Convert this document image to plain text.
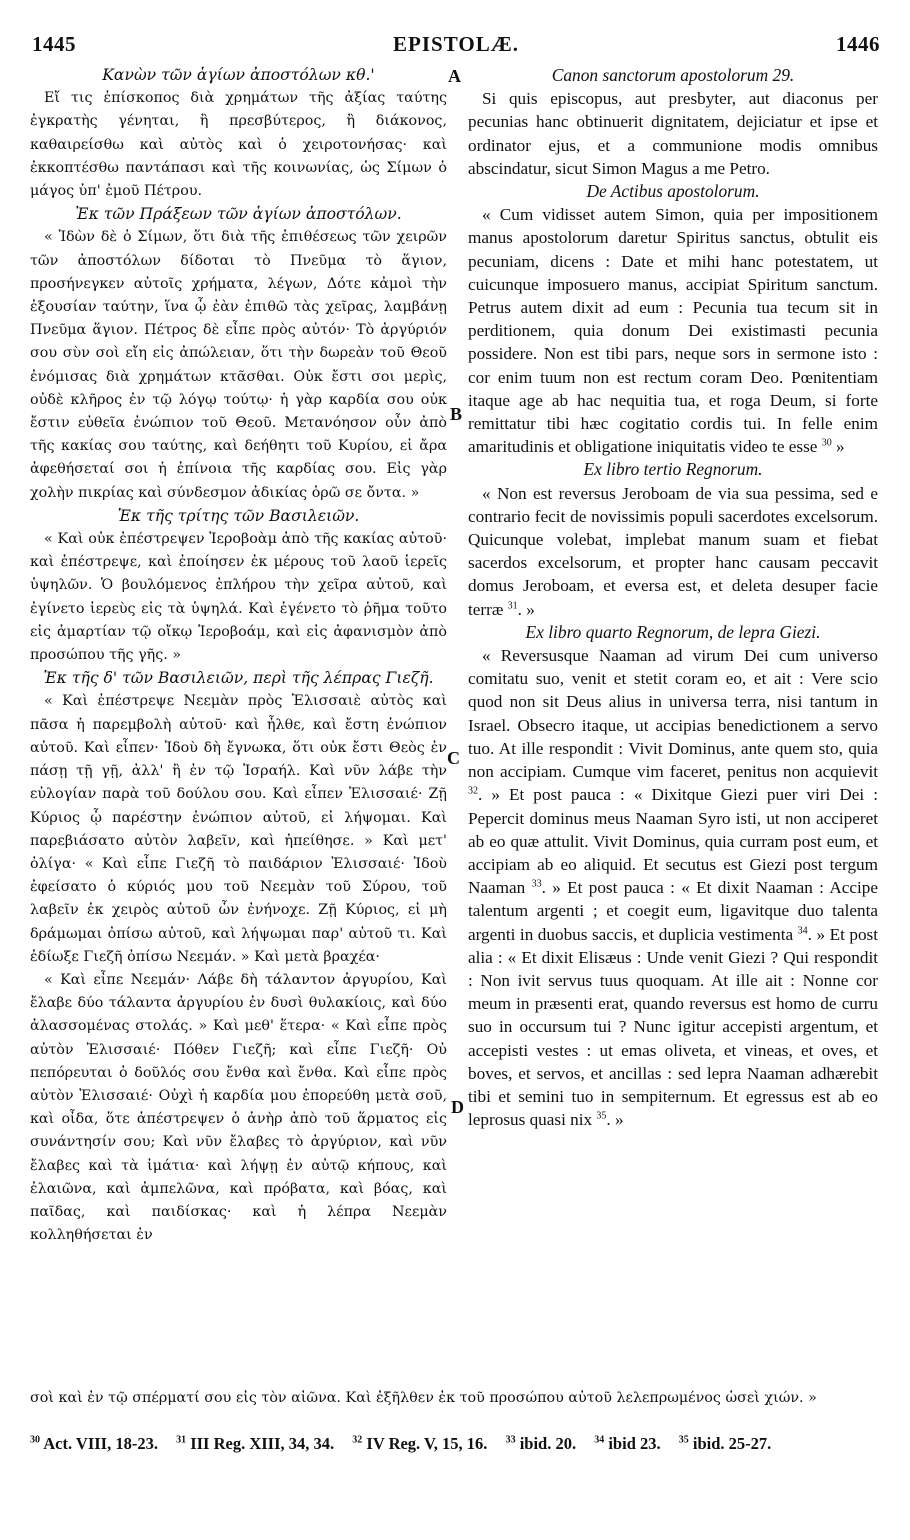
1445	EPISTOLÆ.	1446
A
B
C
D
Κανὼν τῶν ἁγίων ἀποστόλων κθ.'

Εἴ τις ἐπίσκοπος διὰ χρημάτων τῆς ἀξίας ταύτης ἐγκρατὴς γένηται, ἢ πρεσβύτερος, ἢ διάκονος, καθαιρείσθω καὶ αὐτὸς καὶ ὁ χειροτονήσας· καὶ ἐκκοπτέσθω παντάπασι καὶ τῆς κοινωνίας, ὡς Σίμων ὁ μάγος ὑπ' ἐμοῦ Πέτρου.

Ἐκ τῶν Πράξεων τῶν ἁγίων ἀποστόλων.

« Ἰδὼν δὲ ὁ Σίμων, ὅτι διὰ τῆς ἐπιθέσεως τῶν χειρῶν τῶν ἀποστόλων δίδοται τὸ Πνεῦμα τὸ ἅγιον, προσήνεγκεν αὐτοῖς χρήματα, λέγων, Δότε κἀμοὶ τὴν ἐξουσίαν ταύτην, ἵνα ᾧ ἐὰν ἐπιθῶ τὰς χεῖρας, λαμβάνῃ Πνεῦμα ἅγιον. Πέτρος δὲ εἶπε πρὸς αὐτόν· Τὸ ἀργύριόν σου σὺν σοὶ εἴη εἰς ἀπώλειαν, ὅτι τὴν δωρεὰν τοῦ Θεοῦ ἐνόμισας διὰ χρημάτων κτᾶσθαι. Οὐκ ἔστι σοι μερὶς, οὐδὲ κλῆρος ἐν τῷ λόγῳ τούτῳ· ἡ γὰρ καρδία σου οὐκ ἔστιν εὐθεῖα ἐνώπιον τοῦ Θεοῦ. Μετανόησον οὖν ἀπὸ τῆς κακίας σου ταύτης, καὶ δεήθητι τοῦ Κυρίου, εἰ ἄρα ἀφεθήσεταί σοι ἡ ἐπίνοια τῆς καρδίας σου. Εἰς γὰρ χολὴν πικρίας καὶ σύνδεσμον ἀδικίας ὁρῶ σε ὄντα. »

Ἐκ τῆς τρίτης τῶν Βασιλειῶν.

« Καὶ οὐκ ἐπέστρεψεν Ἱεροβοὰμ ἀπὸ τῆς κακίας αὐτοῦ· καὶ ἐπέστρεψε, καὶ ἐποίησεν ἐκ μέρους τοῦ λαοῦ ἱερεῖς ὑψηλῶν. Ὁ βουλόμενος ἐπλήρου τὴν χεῖρα αὐτοῦ, καὶ ἐγίνετο ἱερεὺς εἰς τὰ ὑψηλά. Καὶ ἐγένετο τὸ ῥῆμα τοῦτο εἰς ἁμαρτίαν τῷ οἴκῳ Ἱεροβοάμ, καὶ εἰς ἀφανισμὸν ἀπὸ προσώπου τῆς γῆς. »

Ἐκ τῆς δ' τῶν Βασιλειῶν, περὶ τῆς λέπρας Γιεζῆ.

« Καὶ ἐπέστρεψε Νεεμὰν πρὸς Ἐλισσαιὲ αὐτὸς καὶ πᾶσα ἡ παρεμβολὴ αὐτοῦ· καὶ ἦλθε, καὶ ἔστη ἐνώπιον αὐτοῦ. Καὶ εἶπεν· Ἰδοὺ δὴ ἔγνωκα, ὅτι οὐκ ἔστι Θεὸς ἐν πάσῃ τῇ γῇ, ἀλλ' ἢ ἐν τῷ Ἰσραήλ. Καὶ νῦν λάβε τὴν εὐλογίαν παρὰ τοῦ δούλου σου. Καὶ εἶπεν Ἐλισσαιέ· Ζῇ Κύριος ᾧ παρέστην ἐνώπιον αὐτοῦ, εἰ λήψομαι. Καὶ παρεβιάσατο αὐτὸν λαβεῖν, καὶ ἠπείθησε. » Καὶ μετ' ὀλίγα· « Καὶ εἶπε Γιεζῆ τὸ παιδάριον Ἐλισσαιέ· Ἰδοὺ ἐφείσατο ὁ κύριός μου τοῦ Νεεμὰν τοῦ Σύρου, τοῦ λαβεῖν ἐκ χειρὸς αὐτοῦ ὧν ἐνήνοχε. Ζῇ Κύριος, εἰ μὴ δράμωμαι ὀπίσω αὐτοῦ, καὶ λήψωμαι παρ' αὐτοῦ τι. Καὶ ἐδίωξε Γιεζῆ ὀπίσω Νεεμάν. » Καὶ μετὰ βραχέα·

« Καὶ εἶπε Νεεμάν· Λάβε δὴ τάλαντον ἀργυρίου, Καὶ ἔλαβε δύο τάλαντα ἀργυρίου ἐν δυσὶ θυλακίοις, καὶ δύο ἀλασσομένας στολάς. » Καὶ μεθ' ἕτερα· « Καὶ εἶπε πρὸς αὐτὸν Ἐλισσαιέ· Πόθεν Γιεζῆ; καὶ εἶπε Γιεζῆ· Οὐ πεπόρευται ὁ δοῦλός σου ἔνθα καὶ ἔνθα. Καὶ εἶπε πρὸς αὐτὸν Ἐλισσαιέ· Οὐχὶ ἡ καρδία μου ἐπορεύθη μετὰ σοῦ, καὶ οἶδα, ὅτε ἀπέστρεψεν ὁ ἀνὴρ ἀπὸ τοῦ ἅρματος εἰς συνάντησίν σου; Καὶ νῦν ἔλαβες τὸ ἀργύριον, καὶ νῦν ἔλαβες καὶ τὰ ἱμάτια· καὶ λήψῃ ἐν αὐτῷ κήπους, καὶ ἐλαιῶνα, καὶ ἀμπελῶνα, καὶ πρόβατα, καὶ βόας, καὶ παῖδας, καὶ παιδίσκας· καὶ ἡ λέπρα Νεεμὰν κολληθήσεται ἐν

Canon sanctorum apostolorum 29.

Si quis episcopus, aut presbyter, aut diaconus per pecunias hanc obtinuerit dignitatem, dejiciatur et ipse et ordinator ejus, et a communione modis omnibus abscindatur, sicut Simon Magus a me Petro.

De Actibus apostolorum.

« Cum vidisset autem Simon, quia per impositionem manus apostolorum daretur Spiritus sanctus, obtulit eis pecuniam, dicens : Date et mihi hanc potestatem, ut cuicunque imposuero manus, accipiat Spiritum sanctum. Petrus autem dixit ad eum : Pecunia tua tecum sit in perditionem, quia donum Dei existimasti pecunia possidere. Non est tibi pars, neque sors in sermone isto : cor enim tuum non est rectum coram Deo. Pœnitentiam itaque age ab hac nequitia tua, et roga Deum, si forte remittatur tibi hæc cogitatio cordis tui. In felle enim amaritudinis et obligatione iniquitatis video te esse $^{30}$ »

Ex libro tertio Regnorum.

« Non est reversus Jeroboam de via sua pessima, sed e contrario fecit de novissimis populi sacerdotes excelsorum. Quicunque volebat, implebat manum suam et fiebat sacerdos excelsorum, et propter hanc causam peccavit domus Jeroboam, et eversa est, et deleta desuper facie terræ $^{31}$. »

Ex libro quarto Regnorum, de lepra Giezi.

« Reversusque Naaman ad virum Dei cum universo comitatu suo, venit et stetit coram eo, et ait : Vere scio quod non sit Deus alius in universa terra, nisi tantum in Israel. Obsecro itaque, ut accipias benedictionem a servo tuo. At ille respondit : Vivit Dominus, ante quem sto, quia non accipiam. Cumque vim faceret, penitus non acquievit $^{32}$. » Et post pauca : « Dixitque Giezi puer viri Dei : Pepercit dominus meus Naaman Syro isti, ut non acciperet ab eo quæ attulit. Vivit Dominus, quia curram post eum, et accipiam ab eo aliquid. Et secutus est Giezi post tergum Naaman $^{33}$. » Et post pauca : « Et dixit Naaman : Accipe talentum argenti ; et coegit eum, ligavitque duo talenta argenti in duobus saccis, et duplicia vestimenta $^{34}$. » Et post alia : « Et dixit Elisæus : Unde venit Giezi ? Qui respondit : Non ivit servus tuus quoquam. At ille ait : Nonne cor meum in præsenti erat, quando reversus est homo de curru suo in occursum tui ? Nunc igitur accepisti argentum, et accepisti vestes : ut emas oliveta, et vineas, et oves, et boves, et servos, et ancillas : sed lepra Naaman adhærebit tibi et semini tuo in sempiternum. Et egressus est ab eo leprosus quasi nix $^{35}$. »

σοὶ καὶ ἐν τῷ σπέρματί σου εἰς τὸν αἰῶνα. Καὶ ἐξῆλθεν ἐκ τοῦ προσώπου αὐτοῦ λελεπρωμένος ὡσεὶ χιών. »

$^{30}$ Act. VIII, 18-23. $^{31}$ III Reg. XIII, 34, 34. $^{32}$ IV Reg. V, 15, 16. $^{33}$ ibid. 20. $^{34}$ ibid 23. $^{35}$ ibid. 25-27.
